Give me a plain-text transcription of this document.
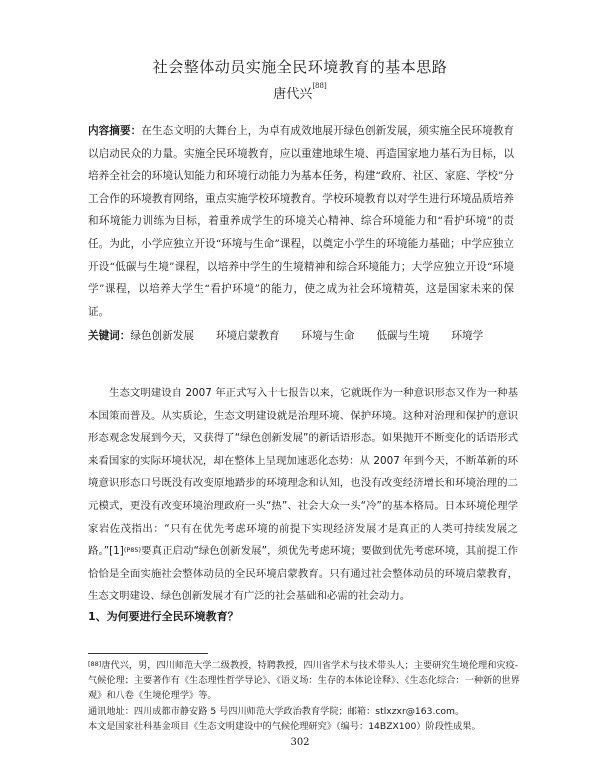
社会整体动员实施全民环境教育的基本思路
唐代兴[88]
内容摘要：在生态文明的大舞台上，为卓有成效地展开绿色创新发展，须实施全民环境教育以启动民众的力量。实施全民环境教育，应以重建地球生境、再造国家地力基石为目标，以培养全社会的环境认知能力和环境行动能力为基本任务，构建“政府、社区、家庭、学校”分工合作的环境教育网络，重点实施学校环境教育。学校环境教育以对学生进行环境品质培养和环境能力训练为目标，着重养成学生的环境关心精神、综合环境能力和“看护环境”的责任。为此，小学应独立开设“环境与生命”课程，以奠定小学生的环境能力基础；中学应独立开设“低碳与生境”课程，以培养中学生的生境精神和综合环境能力；大学应独立开设“环境学”课程，以培养大学生“看护环境”的能力，使之成为社会环境精英，这是国家未来的保证。
关键词：绿色创新发展 环境启蒙教育 环境与生命 低碳与生境 环境学

生态文明建设自 2007 年正式写入十七报告以来，它就既作为一种意识形态又作为一种基本国策而普及。从实质论，生态文明建设就是治理环境、保护环境。这种对治理和保护的意识形态观念发展到今天，又获得了“绿色创新发展”的新话语形态。如果抛开不断变化的话语形式来看国家的实际环境状况，却在整体上呈现加速恶化态势：从 2007 年到今天，不断革新的环境意识形态口号既没有改变原地踏步的环境理念和认知，也没有改变经济增长和环境治理的二元模式，更没有改变环境治理政府一头“热”、社会大众一头“冷”的基本格局。日本环境伦理学家岩佐茂指出：“只有在优先考虑环境的前提下实现经济发展才是真正的人类可持续发展之路。”[1]$^{(P85)}$要真正启动“绿色创新发展”，须优先考虑环境；要做到优先考虑环境，其前提工作恰恰是全面实施社会整体动员的全民环境启蒙教育。只有通过社会整体动员的环境启蒙教育，生态文明建设、绿色创新发展才有广泛的社会基础和必需的社会动力。

1、为何要进行全民环境教育？

[88]唐代兴，男，四川师范大学二级教授，特聘教授，四川省学术与技术带头人；主要研究生境伦理和灾疫-气候伦理；主要著作有《生态理性哲学导论》、《语义场：生存的本体论诠释》、《生态化综合：一种新的世界观》和八卷《生境伦理学》等。

通讯地址：四川成都市静安路 5 号四川师范大学政治教育学院；邮箱：stlxzxr@163.com。

本文是国家社科基金项目《生态文明建设中的气候伦理研究》（编号：14BZX100）阶段性成果。

302
